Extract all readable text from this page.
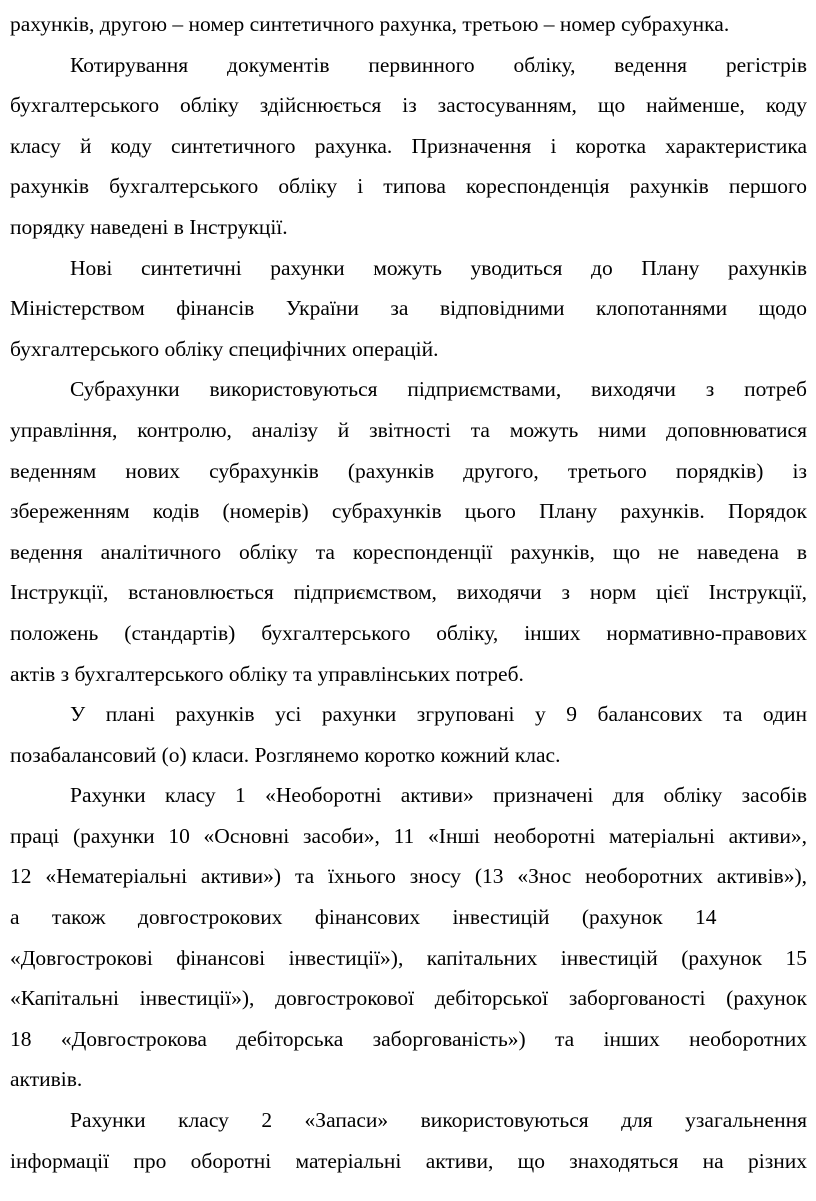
рахунків, другою – номер синтетичного рахунка, третьою – номер субрахунка.
Котирування документів первинного обліку, ведення регістрів
бухгалтерського обліку здійснюється із застосуванням, що найменше, коду
класу й коду синтетичного рахунка. Призначення і коротка характеристика
рахунків бухгалтерського обліку і типова кореспонденція рахунків першого
порядку наведені в Інструкції.
Нові синтетичні рахунки можуть уводиться до Плану рахунків
Міністерством фінансів України за відповідними клопотаннями щодо
бухгалтерського обліку специфічних операцій.
Субрахунки використовуються підприємствами, виходячи з потреб
управління, контролю, аналізу й звітності та можуть ними доповнюватися
веденням нових субрахунків (рахунків другого, третього порядків) із
збереженням кодів (номерів) субрахунків цього Плану рахунків. Порядок
ведення аналітичного обліку та кореспонденції рахунків, що не наведена в
Інструкції, встановлюється підприємством, виходячи з норм цієї Інструкції,
положень (стандартів) бухгалтерського обліку, інших нормативно-правових
актів з бухгалтерського обліку та управлінських потреб.
У плані рахунків усі рахунки згруповані у 9 балансових та один
позабалансовий (о) класи. Розглянемо коротко кожний клас.
Рахунки класу 1 «Необоротні активи» призначені для обліку засобів
праці (рахунки 10 «Основні засоби», 11 «Інші необоротні матеріальні активи»,
12 «Нематеріальні активи») та їхнього зносу (13 «Знос необоротних активів»),
а також довгострокових фінансових інвестицій (рахунок 14
«Довгострокові фінансові інвестиції»), капітальних інвестицій (рахунок 15
«Капітальні інвестиції»), довгострокової дебіторської заборгованості (рахунок
18 «Довгострокова дебіторська заборгованість») та інших необоротних
активів.
Рахунки класу 2 «Запаси» використовуються для узагальнення
інформації про оборотні матеріальні активи, що знаходяться на різних
